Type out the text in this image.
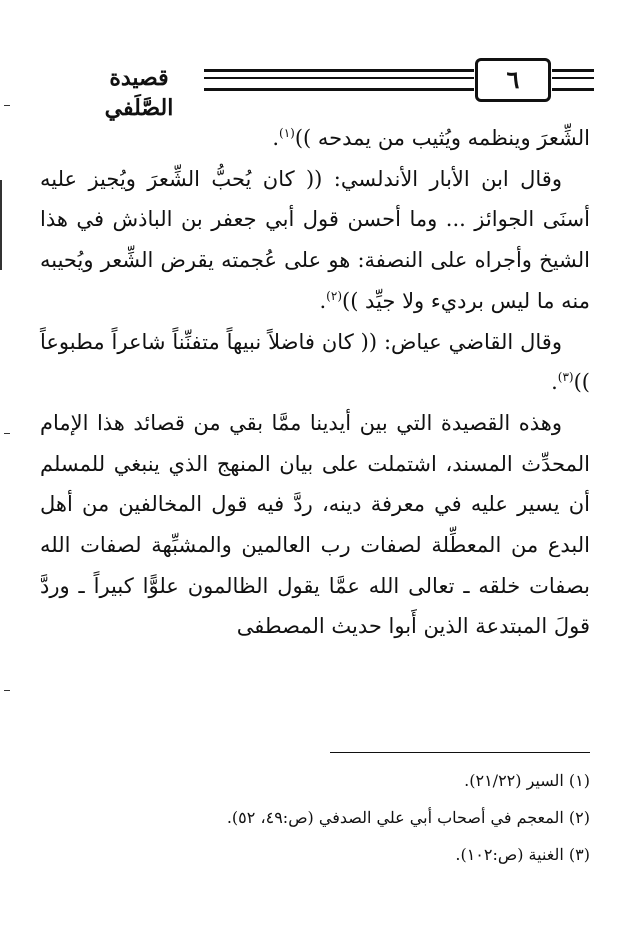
قصيدة الصَّلَفي
٦

الشِّعرَ وينظمه ويُثيب من يمدحه ))$^{(١)}$.

وقال ابن الأبار الأندلسي: (( كان يُحبُّ الشِّعرَ ويُجيز عليه أسنَى الجوائز ... وما أحسن قول أبي جعفر بن الباذش في هذا الشيخ وأجراه على النصفة: هو على عُجمته يقرض الشِّعر ويُحيبه منه ما ليس برديء ولا جيِّد ))$^{(٢)}$.

وقال القاضي عياض: (( كان فاضلاً نبيهاً متفنِّناً شاعراً مطبوعاً ))$^{(٣)}$.

وهذه القصيدة التي بين أيدينا ممَّا بقي من قصائد هذا الإمام المحدِّث المسند، اشتملت على بيان المنهج الذي ينبغي للمسلم أن يسير عليه في معرفة دينه، ردَّ فيه قول المخالفين من أهل البدع من المعطِّلة لصفات رب العالمين والمشبِّهة لصفات الله بصفات خلقه ـ تعالى الله عمَّا يقول الظالمون علوًّا كبيراً ـ وردَّ قولَ المبتدعة الذين أَبوا حديث المصطفى

(١) السير (٢١/٢٢).

(٢) المعجم في أصحاب أبي علي الصدفي (ص:٤٩، ٥٢).

(٣) الغنية (ص:١٠٢).
